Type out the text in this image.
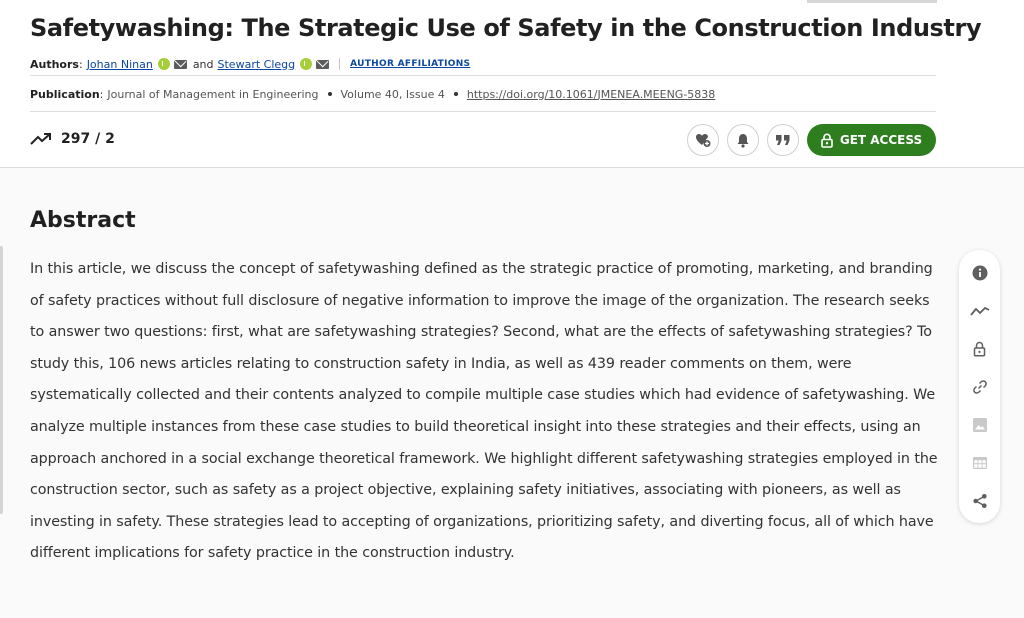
Safetywashing: The Strategic Use of Safety in the Construction Industry
Authors : Johan Ninan	and Stewart Clegg	AUTHOR AFFILIATIONS
Publication : Journal of Management in Engineering Volume 40, Issue 4 https://doi.org/10.1061/JMENEA.MEENG-5838
297 / 2	GET ACCESS
Abstract

In this article, we discuss the concept of safetywashing defined as the strategic practice of promoting, marketing, and branding of safety practices without full disclosure of negative information to improve the image of the organization. The research seeks to answer two questions: first, what are safetywashing strategies? Second, what are the effects of safetywashing strategies? To study this, 106 news articles relating to construction safety in India, as well as 439 reader comments on them, were systematically collected and their contents analyzed to compile multiple case studies which had evidence of safetywashing. We analyze multiple instances from these case studies to build theoretical insight into these strategies and their effects, using an approach anchored in a social exchange theoretical framework. We highlight different safetywashing strategies employed in the construction sector, such as safety as a project objective, explaining safety initiatives, associating with pioneers, as well as investing in safety. These strategies lead to accepting of organizations, prioritizing safety, and diverting focus, all of which have different implications for safety practice in the construction industry.
